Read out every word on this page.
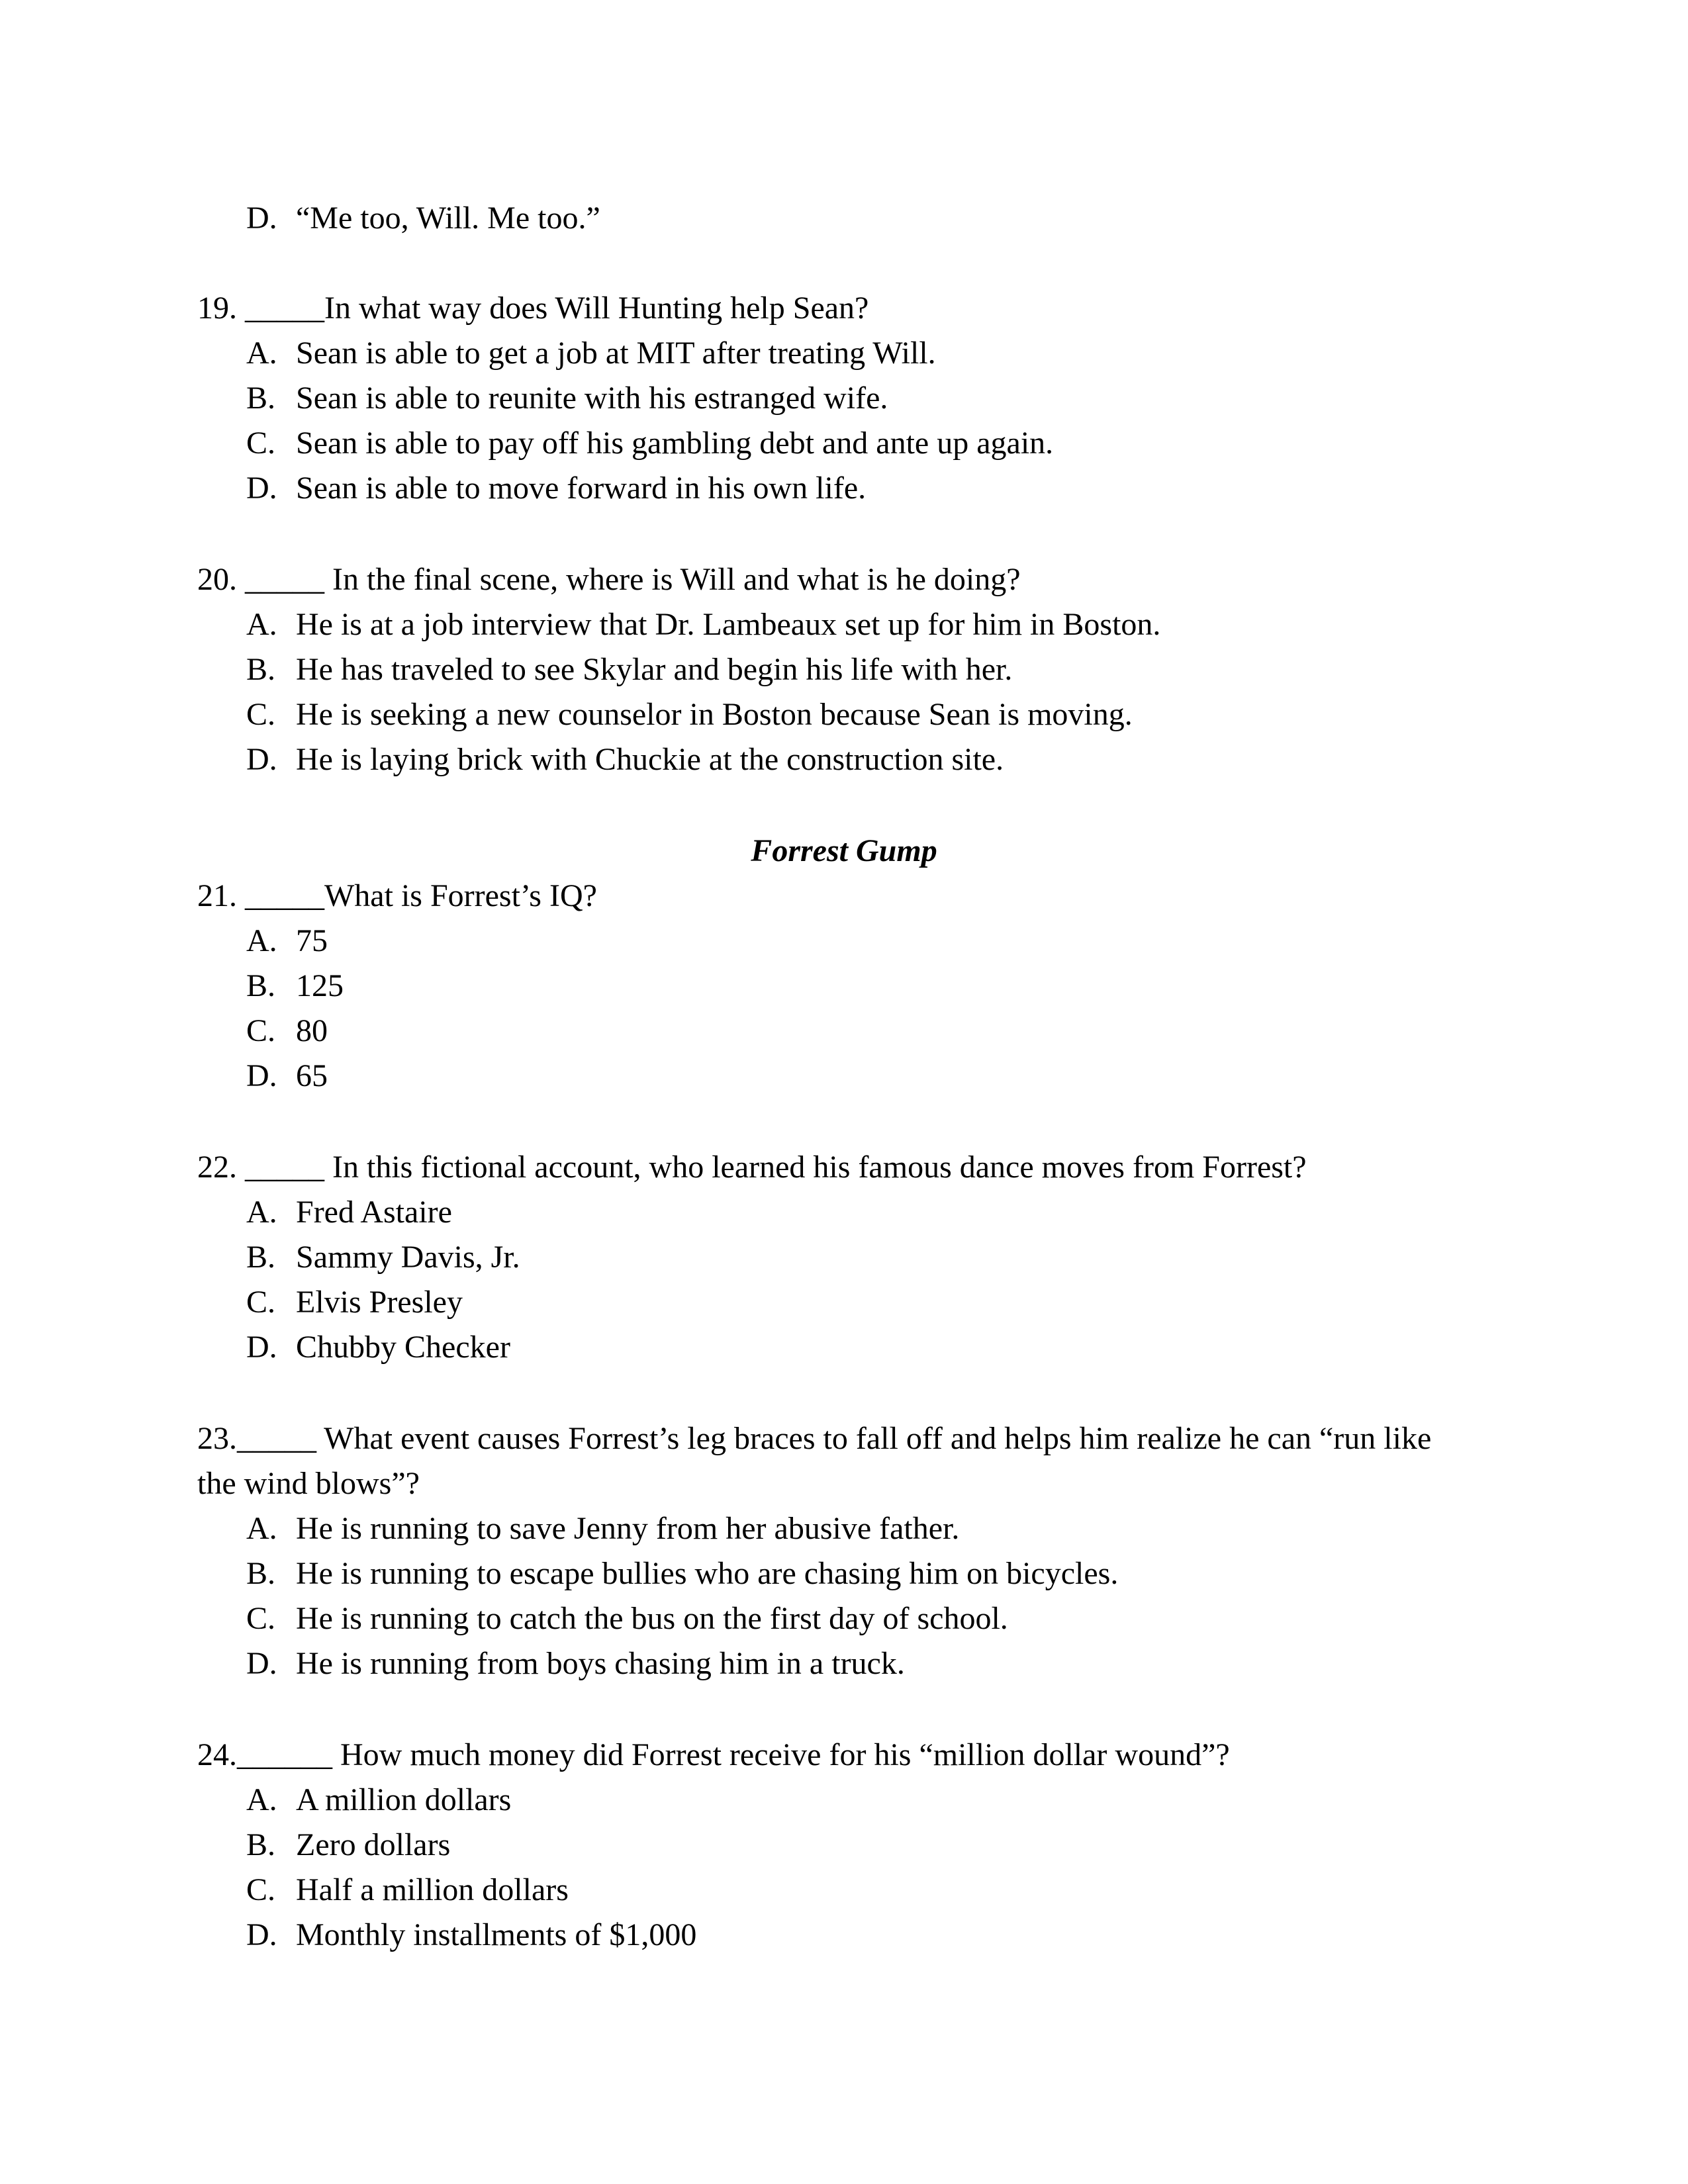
D. “Me too, Will. Me too.”
19. _____In what way does Will Hunting help Sean?
A. Sean is able to get a job at MIT after treating Will.
B. Sean is able to reunite with his estranged wife.
C. Sean is able to pay off his gambling debt and ante up again.
D. Sean is able to move forward in his own life.
20. _____ In the final scene, where is Will and what is he doing?
A. He is at a job interview that Dr. Lambeaux set up for him in Boston.
B. He has traveled to see Skylar and begin his life with her.
C. He is seeking a new counselor in Boston because Sean is moving.
D. He is laying brick with Chuckie at the construction site.
Forrest Gump
21. _____What is Forrest’s IQ?
A. 75
B. 125
C. 80
D. 65
22. _____ In this fictional account, who learned his famous dance moves from Forrest?
A. Fred Astaire
B. Sammy Davis, Jr.
C. Elvis Presley
D. Chubby Checker
23._____ What event causes Forrest’s leg braces to fall off and helps him realize he can “run like
the wind blows”?
A. He is running to save Jenny from her abusive father.
B. He is running to escape bullies who are chasing him on bicycles.
C. He is running to catch the bus on the first day of school.
D. He is running from boys chasing him in a truck.
24.______ How much money did Forrest receive for his “million dollar wound”?
A. A million dollars
B. Zero dollars
C. Half a million dollars
D. Monthly installments of $1,000
